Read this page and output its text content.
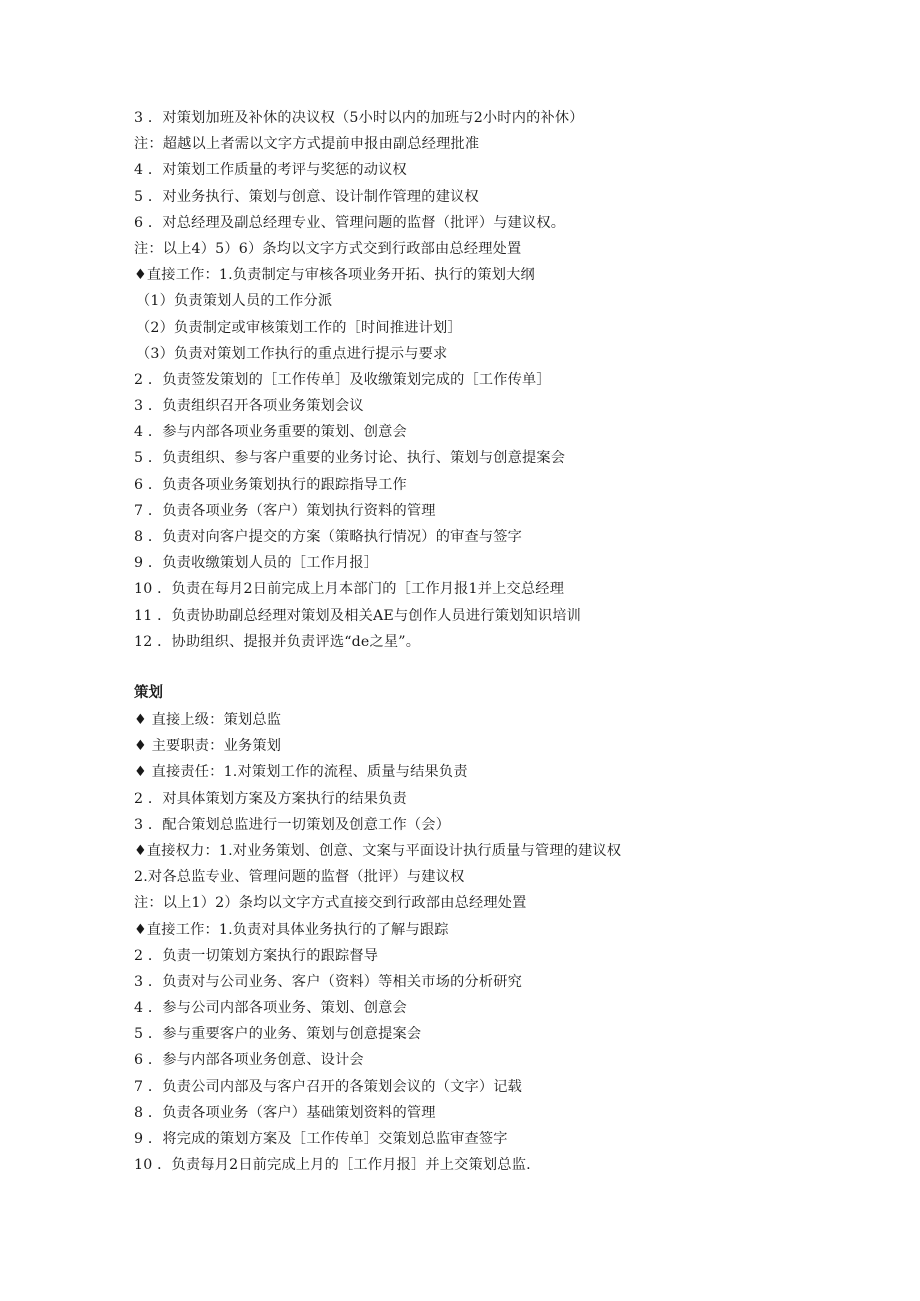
3 ．对策划加班及补休的决议权（5小时以内的加班与2小时内的补休）
注：超越以上者需以文字方式提前申报由副总经理批准
4 ．对策划工作质量的考评与奖惩的动议权
5 ．对业务执行、策划与创意、设计制作管理的建议权
6 ．对总经理及副总经理专业、管理问题的监督（批评）与建议权。
注：以上4）5）6）条均以文字方式交到行政部由总经理处置
♦直接工作：1.负责制定与审核各项业务开拓、执行的策划大纲
（1）负责策划人员的工作分派
（2）负责制定或审核策划工作的［时间推进计划］
（3）负责对策划工作执行的重点进行提示与要求
2 ．负责签发策划的［工作传单］及收缴策划完成的［工作传单］
3 ．负责组织召开各项业务策划会议
4 ．参与内部各项业务重要的策划、创意会
5 ．负责组织、参与客户重要的业务讨论、执行、策划与创意提案会
6 ．负责各项业务策划执行的跟踪指导工作
7 ．负责各项业务（客户）策划执行资料的管理
8 ．负责对向客户提交的方案（策略执行情况）的审查与签字
9 ．负责收缴策划人员的［工作月报］
10 ．负责在每月2日前完成上月本部门的［工作月报1并上交总经理
11 ．负责协助副总经理对策划及相关AE与创作人员进行策划知识培训
12 ．协助组织、提报并负责评选“de之星”。
策划
♦ 直接上级：策划总监
♦ 主要职责：业务策划
♦ 直接责任：1.对策划工作的流程、质量与结果负责
2 ．对具体策划方案及方案执行的结果负责
3 ．配合策划总监进行一切策划及创意工作（会）
♦直接权力：1.对业务策划、创意、文案与平面设计执行质量与管理的建议权
2.对各总监专业、管理问题的监督（批评）与建议权
注：以上1）2）条均以文字方式直接交到行政部由总经理处置
♦直接工作：1.负责对具体业务执行的了解与跟踪
2 ．负责一切策划方案执行的跟踪督导
3 ．负责对与公司业务、客户（资料）等相关市场的分析研究
4 ．参与公司内部各项业务、策划、创意会
5 ．参与重要客户的业务、策划与创意提案会
6 ．参与内部各项业务创意、设计会
7 ．负责公司内部及与客户召开的各策划会议的（文字）记载
8 ．负责各项业务（客户）基础策划资料的管理
9 ．将完成的策划方案及［工作传单］交策划总监审查签字
10 ．负责每月2日前完成上月的［工作月报］并上交策划总监.
